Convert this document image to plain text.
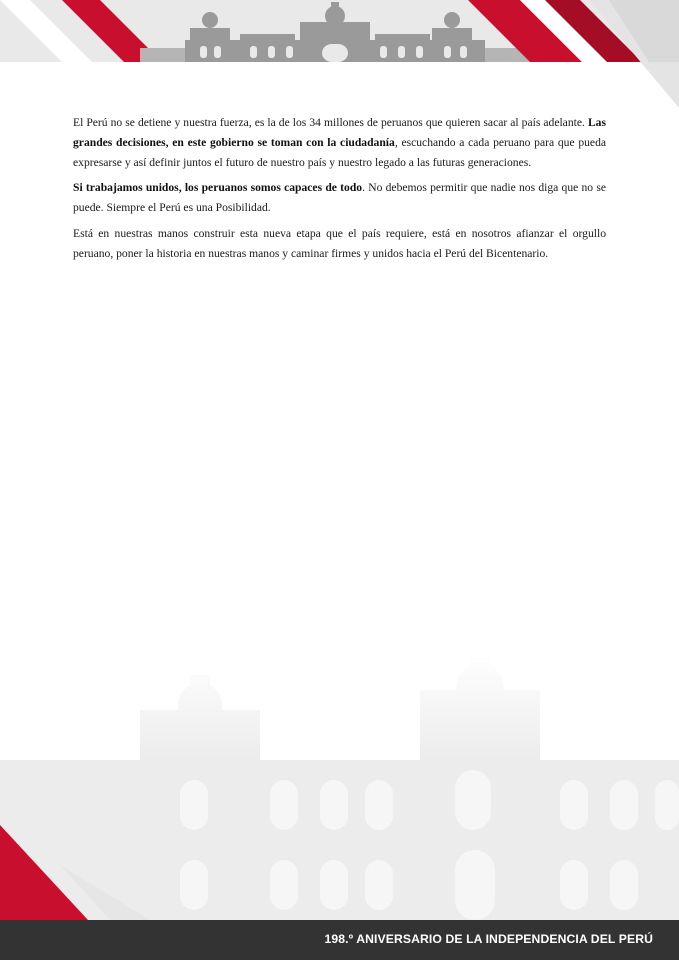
El Perú no se detiene y nuestra fuerza, es la de los 34 millones de peruanos que quieren sacar al país adelante. Las grandes decisiones, en este gobierno se toman con la ciudadanía, escuchando a cada peruano para que pueda expresarse y así definir juntos el futuro de nuestro país y nuestro legado a las futuras generaciones.

Si trabajamos unidos, los peruanos somos capaces de todo. No debemos permitir que nadie nos diga que no se puede. Siempre el Perú es una Posibilidad.

Está en nuestras manos construir esta nueva etapa que el país requiere, está en nosotros afianzar el orgullo peruano, poner la historia en nuestras manos y caminar firmes y unidos hacia el Perú del Bicentenario.

198.º ANIVERSARIO DE LA INDEPENDENCIA DEL PERÚ
